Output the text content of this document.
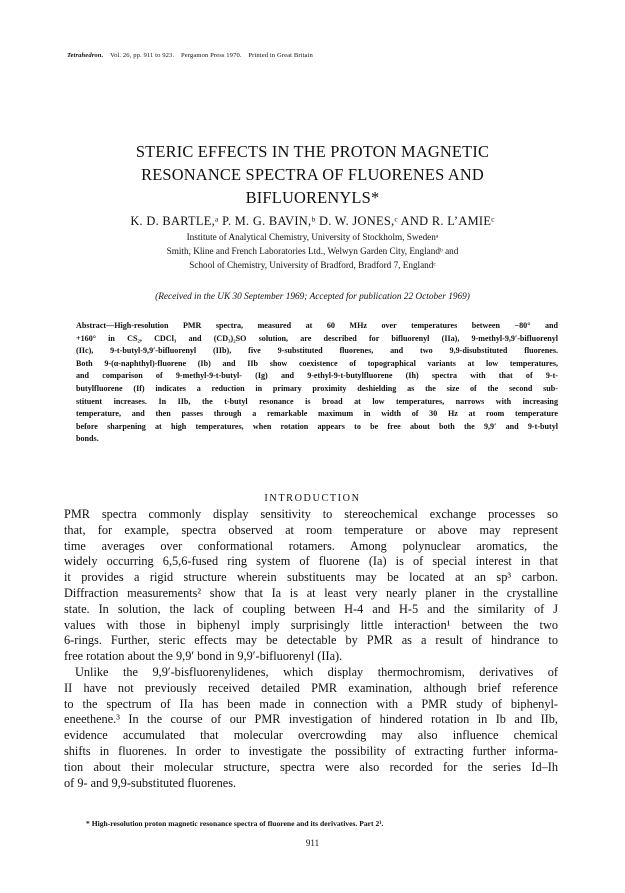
Tetrahedron. Vol. 26, pp. 911 to 923. Pergamon Press 1970. Printed in Great Britain
STERIC EFFECTS IN THE PROTON MAGNETIC
RESONANCE SPECTRA OF FLUORENES AND
BIFLUORENYLS*
K. D. BARTLE,ᵃ P. M. G. BAVIN,ᵇ D. W. JONES,ᶜ AND R. L’AMIEᶜ
Institute of Analytical Chemistry, University of Stockholm, Swedenᵃ
Smith, Kline and French Laboratories Ltd., Welwyn Garden City, Englandᵇ and
School of Chemistry, University of Bradford, Bradford 7, Englandᶜ
(Received in the UK 30 September 1969; Accepted for publication 22 October 1969)
Abstract—High-resolution PMR spectra, measured at 60 MHz over temperatures between −80° and
+160° in CS₂, CDCl₃ and (CD₃)₂SO solution, are described for bifluorenyl (IIa), 9-methyl-9,9′-bifluorenyl
(IIc), 9-t-butyl-9,9′-bifluorenyl (IIb), five 9-substituted fluorenes, and two 9,9-disubstituted fluorenes.
Both 9-(α-naphthyl)-fluorene (Ib) and IIb show coexistence of topographical variants at low temperatures,
and comparison of 9-methyl-9-t-butyl- (Ig) and 9-ethyl-9-t-butylfluorene (Ih) spectra with that of 9-t-
butylfluorene (If) indicates a reduction in primary proximity deshielding as the size of the second sub-
stituent increases. In IIb, the t-butyl resonance is broad at low temperatures, narrows with increasing
temperature, and then passes through a remarkable maximum in width of 30 Hz at room temperature
before sharpening at high temperatures, when rotation appears to be free about both the 9,9′ and 9-t-butyl
bonds.
INTRODUCTION
PMR spectra commonly display sensitivity to stereochemical exchange processes so
that, for example, spectra observed at room temperature or above may represent
time averages over conformational rotamers. Among polynuclear aromatics, the
widely occurring 6,5,6-fused ring system of fluorene (Ia) is of special interest in that
it provides a rigid structure wherein substituents may be located at an sp³ carbon.
Diffraction measurements² show that Ia is at least very nearly planer in the crystalline
state. In solution, the lack of coupling between H-4 and H-5 and the similarity of J
values with those in biphenyl imply surprisingly little interaction¹ between the two
6-rings. Further, steric effects may be detectable by PMR as a result of hindrance to
free rotation about the 9,9′ bond in 9,9′-bifluorenyl (IIa).
Unlike the 9,9′-bisfluorenylidenes, which display thermochromism, derivatives of
II have not previously received detailed PMR examination, although brief reference
to the spectrum of IIa has been made in connection with a PMR study of biphenyl-
eneethene.³ In the course of our PMR investigation of hindered rotation in Ib and IIb,
evidence accumulated that molecular overcrowding may also influence chemical
shifts in fluorenes. In order to investigate the possibility of extracting further informa-
tion about their molecular structure, spectra were also recorded for the series Id–Ih
of 9- and 9,9-substituted fluorenes.
* High-resolution proton magnetic resonance spectra of fluorene and its derivatives. Part 2¹.
911
